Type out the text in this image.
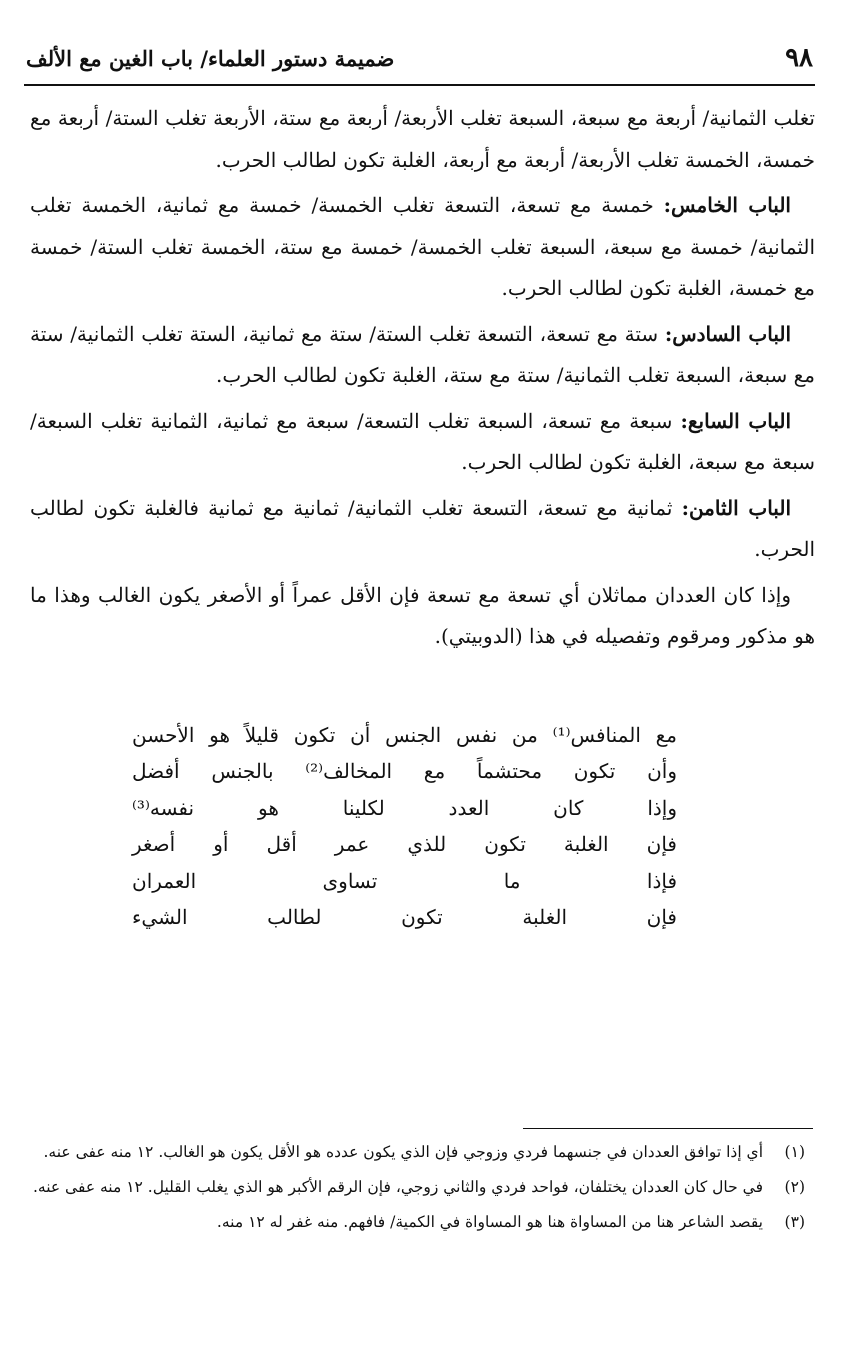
٩٨
ضميمة دستور العلماء/ باب الغين مع الألف

تغلب الثمانية/ أربعة مع سبعة، السبعة تغلب الأربعة/ أربعة مع ستة، الأربعة تغلب الستة/ أربعة مع خمسة، الخمسة تغلب الأربعة/ أربعة مع أربعة، الغلبة تكون لطالب الحرب.

الباب الخامس: خمسة مع تسعة، التسعة تغلب الخمسة/ خمسة مع ثمانية، الخمسة تغلب الثمانية/ خمسة مع سبعة، السبعة تغلب الخمسة/ خمسة مع ستة، الخمسة تغلب الستة/ خمسة مع خمسة، الغلبة تكون لطالب الحرب.

الباب السادس: ستة مع تسعة، التسعة تغلب الستة/ ستة مع ثمانية، الستة تغلب الثمانية/ ستة مع سبعة، السبعة تغلب الثمانية/ ستة مع ستة، الغلبة تكون لطالب الحرب.

الباب السابع: سبعة مع تسعة، السبعة تغلب التسعة/ سبعة مع ثمانية، الثمانية تغلب السبعة/ سبعة مع سبعة، الغلبة تكون لطالب الحرب.

الباب الثامن: ثمانية مع تسعة، التسعة تغلب الثمانية/ ثمانية مع ثمانية فالغلبة تكون لطالب الحرب.

وإذا كان العددان مماثلان أي تسعة مع تسعة فإن الأقل عمراً أو الأصغر يكون الغالب وهذا ما هو مذكور ومرقوم وتفصيله في هذا (الدوبيتي).

مع المنافس⁽¹⁾ من نفس الجنس أن تكون قليلاً هو الأحسن
وأن تكون محتشماً مع المخالف⁽²⁾ بالجنس أفضل
وإذا كان العدد لكلينا هو نفسه⁽³⁾
فإن الغلبة تكون للذي عمر أقل أو أصغر
فإذا ما تساوى العمران
فإن الغلبة تكون لطالب الشيء
(١)
أي إذا توافق العددان في جنسهما فردي وزوجي فإن الذي يكون عدده هو الأقل يكون هو الغالب. ١٢ منه عفى عنه.
(٢)
في حال كان العددان يختلفان، فواحد فردي والثاني زوجي، فإن الرقم الأكبر هو الذي يغلب القليل. ١٢ منه عفى عنه.
(٣)
يقصد الشاعر هنا من المساواة هنا هو المساواة في الكمية/ فافهم. منه غفر له ١٢ منه.
